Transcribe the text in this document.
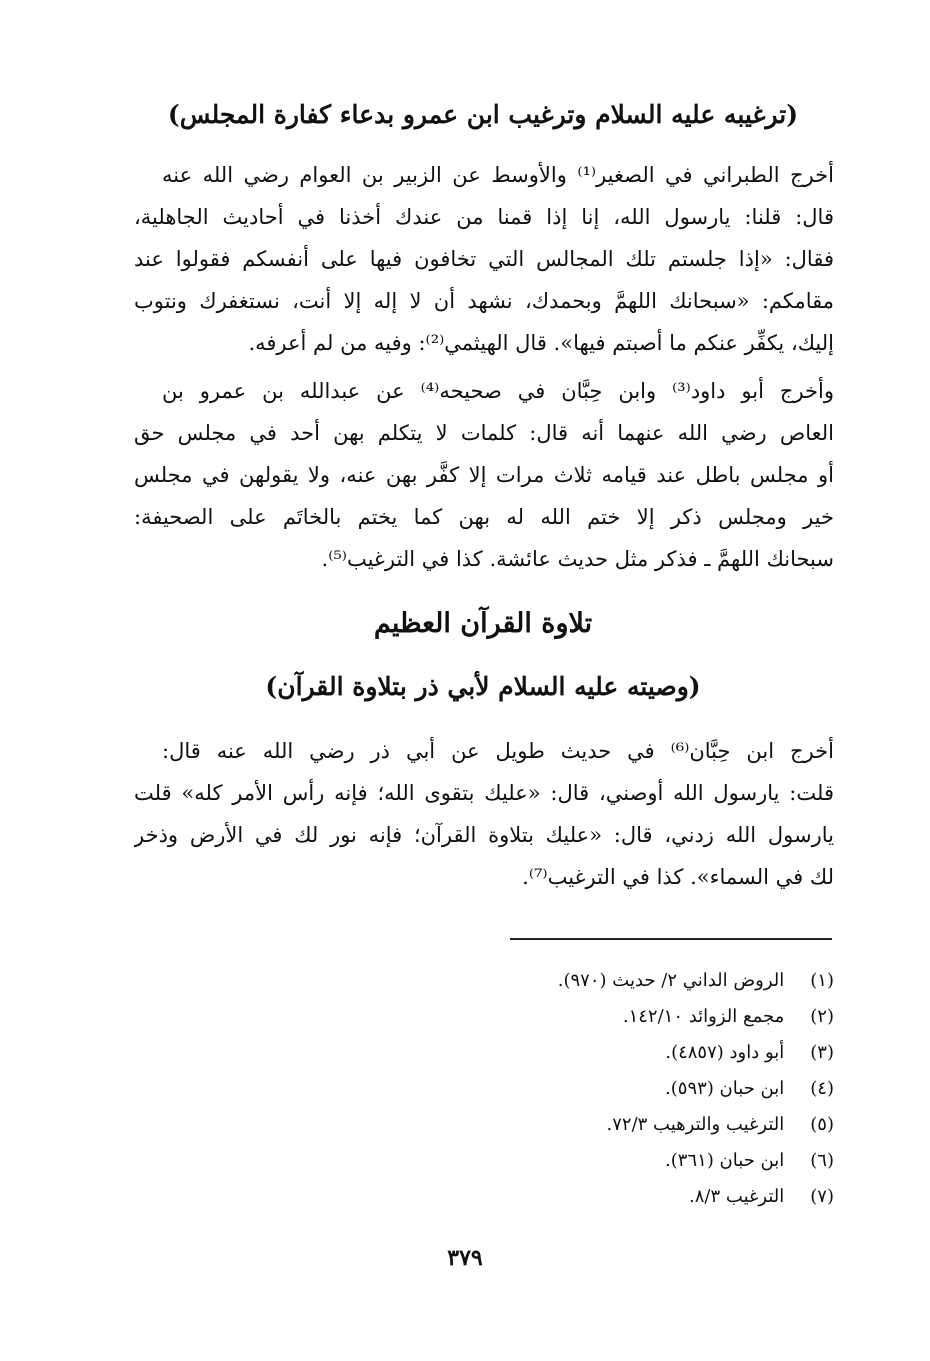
(ترغيبه عليه السلام وترغيب ابن عمرو بدعاء كفارة المجلس)
أخرج الطبراني في الصغير⁽¹⁾ والأوسط عن الزبير بن العوام رضي الله عنه
قال: قلنا: يارسول الله، إنا إذا قمنا من عندك أخذنا في أحاديث الجاهلية،
فقال: «إذا جلستم تلك المجالس التي تخافون فيها على أنفسكم فقولوا عند
مقامكم: «سبحانك اللهمَّ وبحمدك، نشهد أن لا إله إلا أنت، نستغفرك ونتوب
إليك، يكفِّر عنكم ما أصبتم فيها». قال الهيثمي⁽²⁾: وفيه من لم أعرفه.
وأخرج أبو داود⁽³⁾ وابن حِبَّان في صحيحه⁽⁴⁾ عن عبدالله بن عمرو بن
العاص رضي الله عنهما أنه قال: كلمات لا يتكلم بهن أحد في مجلس حق
أو مجلس باطل عند قيامه ثلاث مرات إلا كفَّر بهن عنه، ولا يقولهن في مجلس
خير ومجلس ذكر إلا ختم الله له بهن كما يختم بالخاتَم على الصحيفة:
سبحانك اللهمَّ ـ فذكر مثل حديث عائشة. كذا في الترغيب⁽⁵⁾.
تلاوة القرآن العظيم
(وصيته عليه السلام لأبي ذر بتلاوة القرآن)
أخرج ابن حِبَّان⁽⁶⁾ في حديث طويل عن أبي ذر رضي الله عنه قال:
قلت: يارسول الله أوصني، قال: «عليك بتقوى الله؛ فإنه رأس الأمر كله» قلت
يارسول الله زدني، قال: «عليك بتلاوة القرآن؛ فإنه نور لك في الأرض وذخر
لك في السماء». كذا في الترغيب⁽⁷⁾.
(١) الروض الداني ٢/ حديث (٩٧٠).
(٢) مجمع الزوائد ١٤٢/١٠.
(٣) أبو داود (٤٨٥٧).
(٤) ابن حبان (٥٩٣).
(٥) الترغيب والترهيب ٧٢/٣.
(٦) ابن حبان (٣٦١).
(٧) الترغيب ٨/٣.
٣٧٩
